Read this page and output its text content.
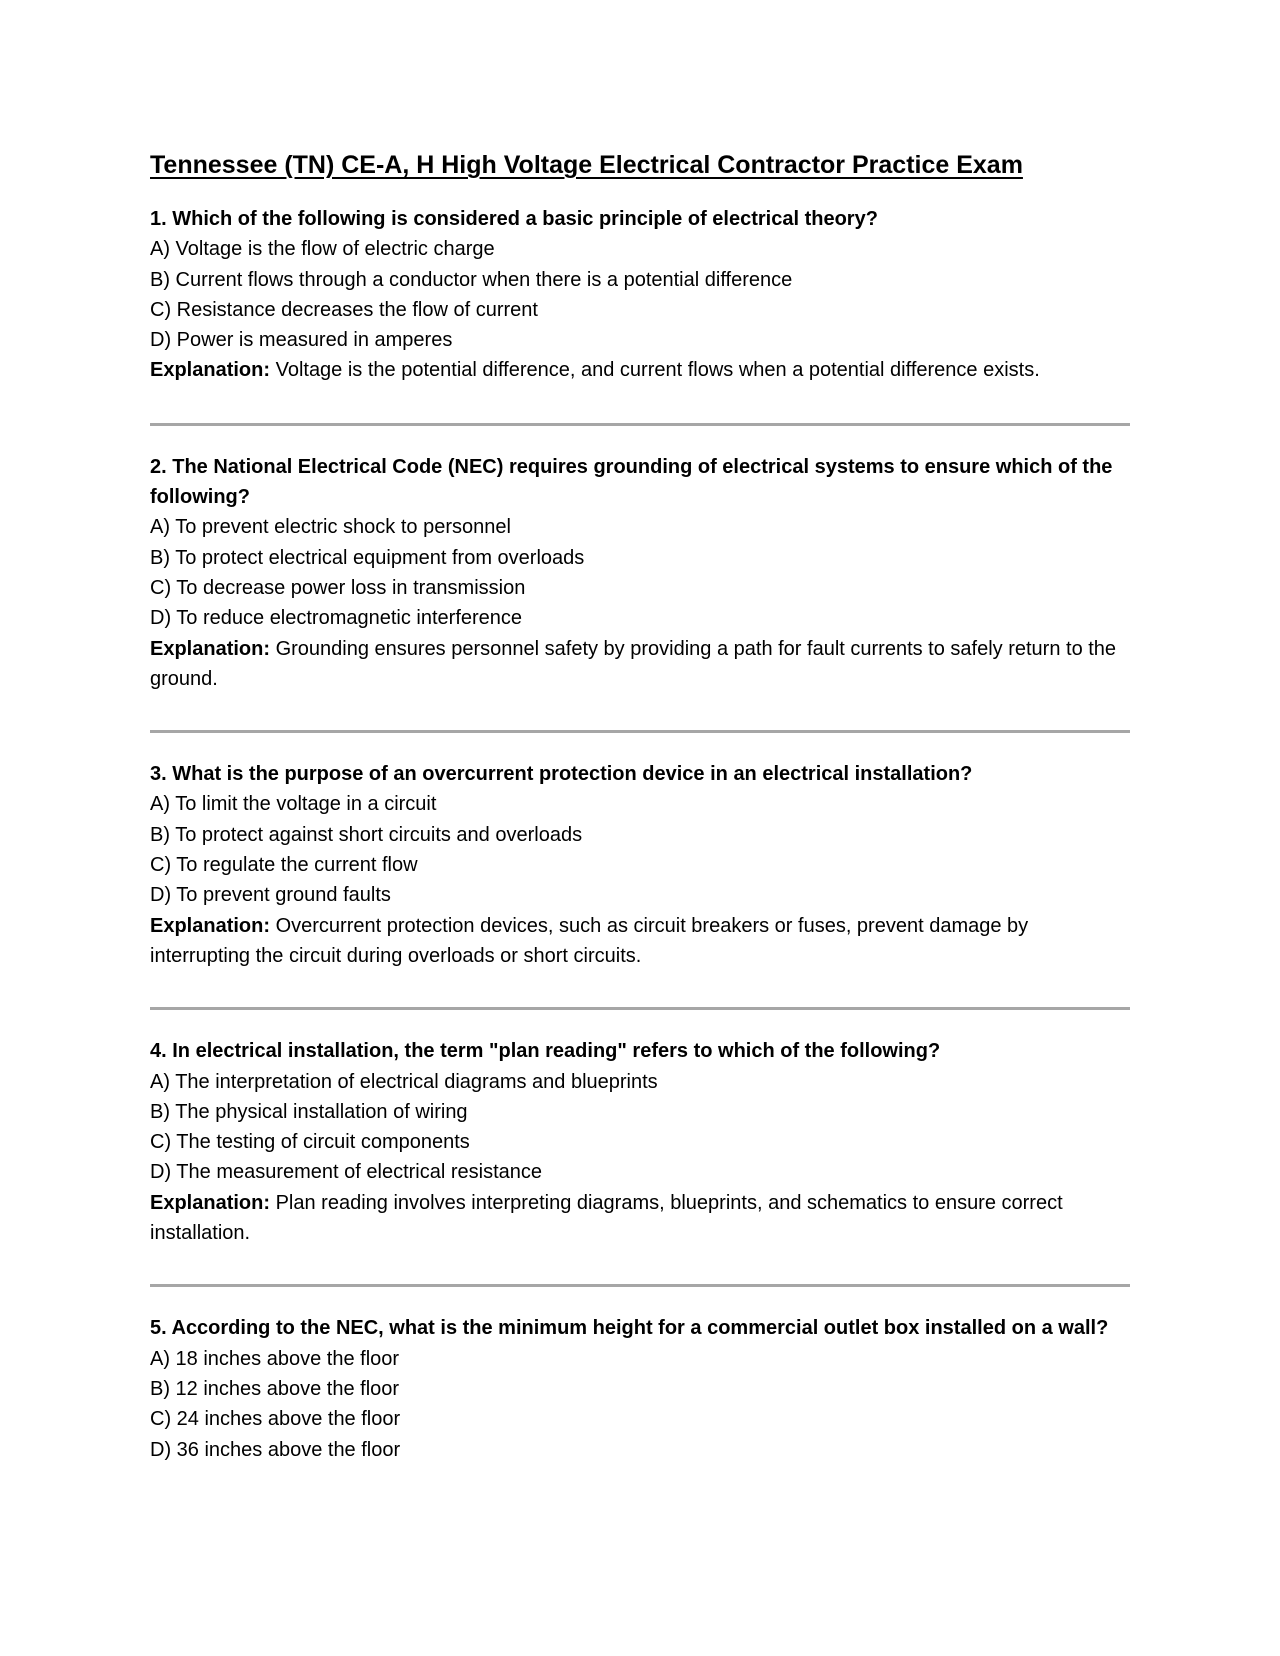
Tennessee (TN) CE-A, H High Voltage Electrical Contractor Practice Exam

1. Which of the following is considered a basic principle of electrical theory?

A) Voltage is the flow of electric charge

B) Current flows through a conductor when there is a potential difference

C) Resistance decreases the flow of current

D) Power is measured in amperes

Explanation: Voltage is the potential difference, and current flows when a potential difference exists.

2. The National Electrical Code (NEC) requires grounding of electrical systems to ensure which of the following?

A) To prevent electric shock to personnel

B) To protect electrical equipment from overloads

C) To decrease power loss in transmission

D) To reduce electromagnetic interference

Explanation: Grounding ensures personnel safety by providing a path for fault currents to safely return to the ground.

3. What is the purpose of an overcurrent protection device in an electrical installation?

A) To limit the voltage in a circuit

B) To protect against short circuits and overloads

C) To regulate the current flow

D) To prevent ground faults

Explanation: Overcurrent protection devices, such as circuit breakers or fuses, prevent damage by interrupting the circuit during overloads or short circuits.

4. In electrical installation, the term "plan reading" refers to which of the following?

A) The interpretation of electrical diagrams and blueprints

B) The physical installation of wiring

C) The testing of circuit components

D) The measurement of electrical resistance

Explanation: Plan reading involves interpreting diagrams, blueprints, and schematics to ensure correct installation.

5. According to the NEC, what is the minimum height for a commercial outlet box installed on a wall?

A) 18 inches above the floor

B) 12 inches above the floor

C) 24 inches above the floor

D) 36 inches above the floor
